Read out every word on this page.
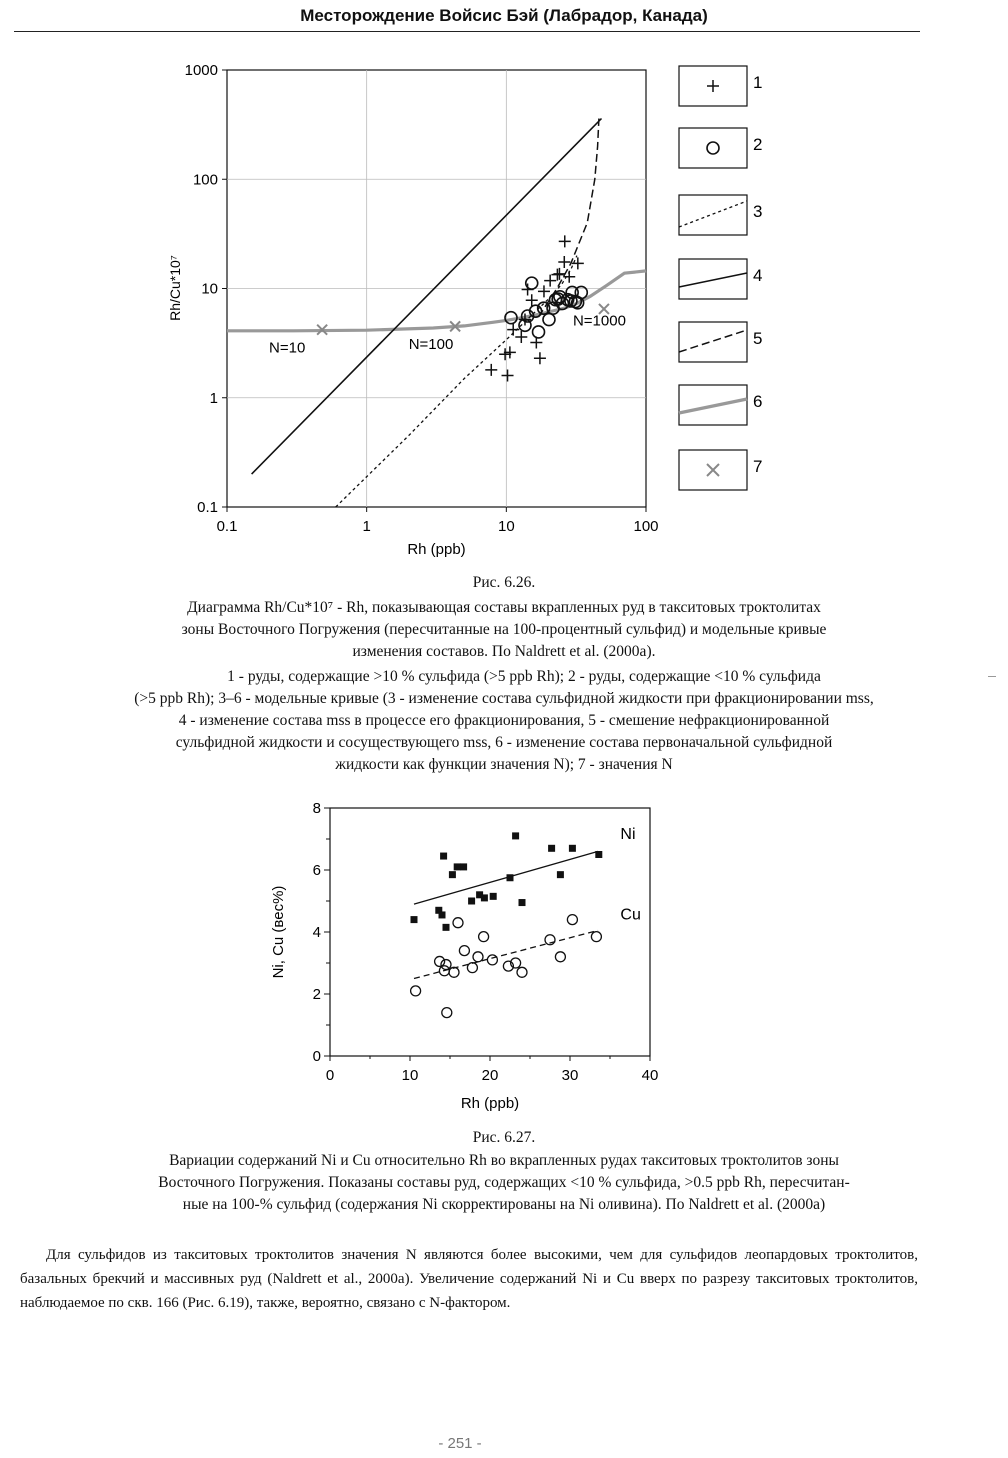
Месторождение Войсис Бэй (Лабрадор, Канада)
0.1	1	10	100
0.1
1
10
100
1000
Rh (ppb)
Rh/Cu*10⁷
N=10	N=100
N=1000
1
2
3
4
5
6
7
0	10	20	30	40
0
2
4
6
8
Rh (ppb)
Ni, Cu (вес%)
Ni
Cu
Рис. 6.26.
Диаграмма Rh/Cu*10⁷ - Rh, показывающая составы вкрапленных руд в такситовых троктолитах
зоны Восточного Погружения (пересчитанные на 100-процентный сульфид) и модельные кривые
изменения составов. По Naldrett et al. (2000a).
1 - руды, содержащие >10 % сульфида (>5 ppb Rh); 2 - руды, содержащие <10 % сульфида
(>5 ppb Rh); 3–6 - модельные кривые (3 - изменение состава сульфидной жидкости при фракционировании mss,
4 - изменение состава mss в процессе его фракционирования, 5 - смешение нефракционированной
сульфидной жидкости и сосуществующего mss, 6 - изменение состава первоначальной сульфидной
жидкости как функции значения N); 7 - значения N
Рис. 6.27.
Вариации содержаний Ni и Cu относительно Rh во вкрапленных рудах такситовых троктолитов зоны
Восточного Погружения. Показаны составы руд, содержащих <10 % сульфида, >0.5 ppb Rh, пересчитан-
ные на 100-% сульфид (содержания Ni скорректированы на Ni оливина). По Naldrett et al. (2000a)
Для сульфидов из такситовых троктолитов значения N являются более высокими, чем для сульфидов леопардовых троктолитов, базальных брекчий и массивных руд (Naldrett et al., 2000a). Увеличение содержаний Ni и Cu вверх по разрезу такситовых троктолитов, наблюдаемое по скв. 166 (Рис. 6.19), также, вероятно, связано с N-фактором.
- 251 -
